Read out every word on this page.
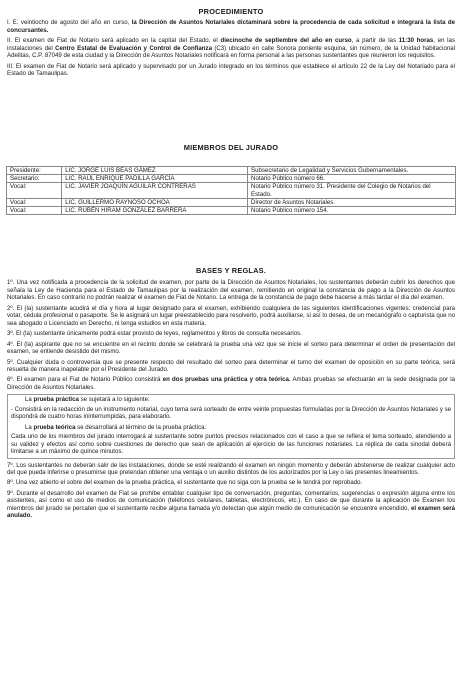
PROCEDIMIENTO

I. E. veintiocho de agosto del año en curso, la Dirección de Asuntos Notariales dictaminará sobre la procedencia de cada solicitud e integrará la lista de concursantes.

II. El examen de Fiat de Notario será aplicado en la capital del Estado, el diecinoche de septiembre del año en curso, a partir de las 11:30 horas, en las instalaciones del Centro Estatal de Evaluación y Control de Confianza (C3) ubicado en calle Sonora poniente esquina, sin número, de la Unidad habitacional Adelitas, C.P. 87049 de esta ciudad y la Dirección de Asuntos Notariales notificará en forma personal a las personas sustentantes que reunieron los requisitos.

III. El examen de Fiat de Notario será aplicado y supervisado por un Jurado integrado en los términos que establece el artículo 22 de la Ley del Notariado para el Estado de Tamaulipas.

MIEMBROS DEL JURADO
Presidente:	LIC. JORGE LUIS BEAS GÁMEZ	Subsecretario de Legalidad y Servicios Gubernamentales.
Secretario:	LIC. RAÚL ENRIQUE PADILLA GARCÍA	Notario Público número 66.
Vocal:	LIC. JAVIER JOAQUÍN AGUILAR CONTRERAS	Notario Público número 31. Presidente del Colegio de Notarios del Estado.
Vocal:	LIC. GUILLERMO RAYNOSO OCHOA	Director de Asuntos Notariales.
Vocal:	LIC. RUBÉN HIRAM GONZÁLEZ BARRERA	Notario Público número 154.
BASES Y REGLAS.

1º. Una vez notificada a procedencia de la solicitud de examen, por parte de la Dirección de Asuntos Notariales, los sustentantes deberán cubrir los derechos que señala la Ley de Hacienda para el Estado de Tamaulipas por la realización del examen, remitiendo en original la constancia de pago a la Dirección de Asuntos Notariales. En caso contrario no podrán realizar el examen de Fiat de Notario. La entrega de la constancia de pago debe hacerse a más tardar el día del examen.

2º. El (la) sustentante acudirá el día y hora al lugar designado para el examen, exhibiendo cualquiera de las siguientes identificaciones vigentes: credencial para votar, cédula profesional o pasaporte. Se le asignará un lugar preestablecido para resolverlo, podrá auxiliarse, si así lo desea, de un mecanógrafo o capturista que no sea abogado o Licenciado en Derecho, ni tenga estudios en esta materia.

3º. El (la) sustentante únicamente podrá estar provisto de leyes, reglamentos y libros de consulta necesarios.

4º. El (la) aspirante que no se encuentre en el recinto donde se celebrará la prueba una vez que se inicie el sorteo para determinar el orden de presentación del examen, se entiende desistido del mismo.

5º. Cualquier duda o controversia que se presente respecto del resultado del sorteo para determinar el turno del examen de oposición en su parte teórica, será resuelta de manera inapelable por el Presidente del Jurado.

6º. El examen para el Fiat de Notario Público consistirá en dos pruebas una práctica y otra teórica. Ambas pruebas se efectuarán en la sede designada por la Dirección de Asuntos Notariales.

La prueba práctica se sujetará a lo siguiente:

- Consistirá en la redacción de un instrumento notarial, cuyo tema será sorteado de entre veinte propuestas formuladas por la Dirección de Asuntos Notariales y se dispondrá de cuatro horas ininterrumpidas, para elaborarlo.

La prueba teórica se desarrollará al término de la prueba práctica:

Cada uno de los miembros del jurado interrogará al sustentante sobre puntos precisos relacionados con el caso a que se refiera el tema sorteado, atendiendo a su validez y efectos así como sobre cuestiones de derecho que sean de aplicación al ejercicio de las funciones notariales. La réplica de cada sinodal deberá limitarse a un máximo de quince minutos.

7º. Los sustentantes no deberán salir de las instalaciones, donde se esté realizando el examen en ningún momento y deberán abstenerse de realizar cualquier acto del que pueda inferirse o presumirse que pretendan obtener una ventaja o un auxilio distintos de los autorizados por la Ley o las presentes lineamientos.

8º. Una vez abierto el sobre del examen de la prueba práctica, el sustentante que no siga con la prueba se le tendrá por reprobado.

9º. Durante el desarrollo del examen de Fiat se prohíbe entablar cualquier tipo de conversación, preguntas, comentarios, sugerencias o expresión alguna entre los asistentes, así como el uso de medios de comunicación (teléfonos celulares, tabletas, electrónicos, etc.). En caso de que durante la aplicación de Examen los miembros del jurado se percaten que el sustentante recibe alguna llamada y/o detectan que algún medio de comunicación se encuentre encendido, el examen será anulado.
